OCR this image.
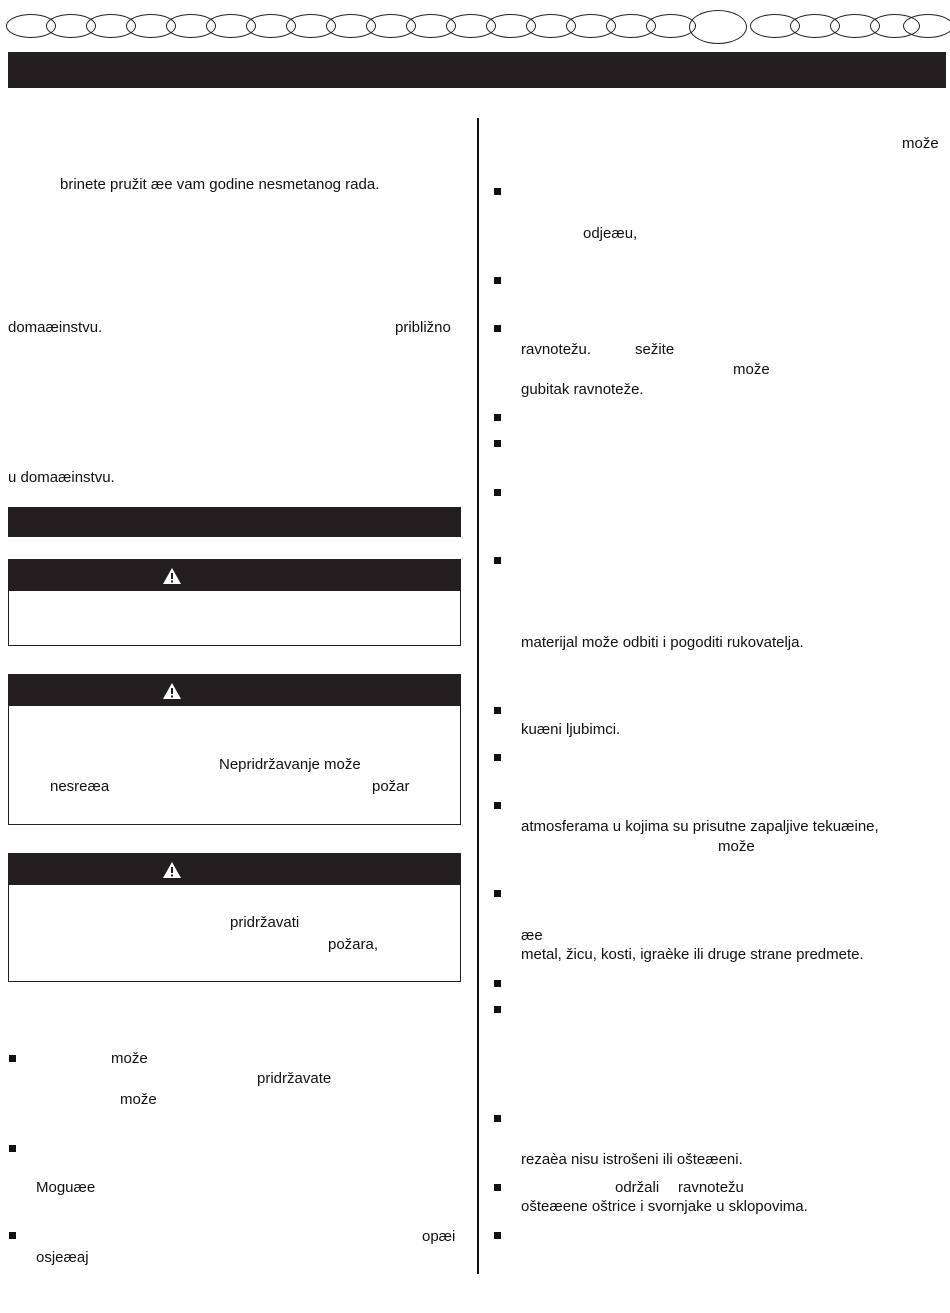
brinete pružit æe vam godine nesmetanog rada.
domaæinstvu.	približno
u domaæinstvu.
Nepridržavanje može
nesreæa	požar
pridržavati
požara,
može
pridržavate
može
Moguæe
opæi
osjeæaj
može
odjeæu,
ravnotežu.	sežite
može
gubitak ravnoteže.
materijal može odbiti i pogoditi rukovatelja.
kuæni ljubimci.
atmosferama u kojima su prisutne zapaljive tekuæine,
može
æe
metal, žicu, kosti, igraèke ili druge strane predmete.
rezaèa nisu istrošeni ili ošteæeni.
održali ravnotežu
ošteæene oštrice i svornjake u sklopovima.
